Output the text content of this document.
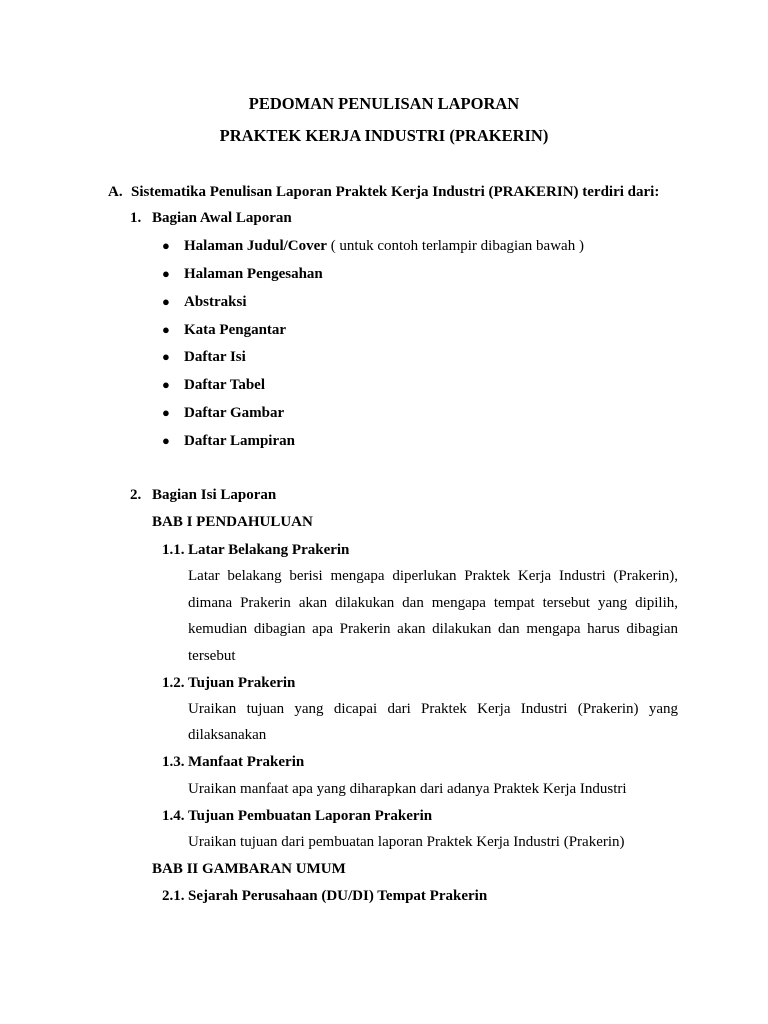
PEDOMAN PENULISAN LAPORAN
PRAKTEK KERJA INDUSTRI (PRAKERIN)
A. Sistematika Penulisan Laporan Praktek Kerja Industri (PRAKERIN) terdiri dari:
1. Bagian Awal Laporan
● Halaman Judul/Cover ( untuk contoh terlampir dibagian bawah )
● Halaman Pengesahan
● Abstraksi
● Kata Pengantar
● Daftar Isi
● Daftar Tabel
● Daftar Gambar
● Daftar Lampiran
2. Bagian Isi Laporan
BAB I PENDAHULUAN
1.1. Latar Belakang Prakerin
Latar belakang berisi mengapa diperlukan Praktek Kerja Industri (Prakerin),
dimana Prakerin akan dilakukan dan mengapa tempat tersebut yang dipilih,
kemudian dibagian apa Prakerin akan dilakukan dan mengapa harus dibagian
tersebut
1.2. Tujuan Prakerin
Uraikan tujuan yang dicapai dari Praktek Kerja Industri (Prakerin) yang
dilaksanakan
1.3. Manfaat Prakerin
Uraikan manfaat apa yang diharapkan dari adanya Praktek Kerja Industri
1.4. Tujuan Pembuatan Laporan Prakerin
Uraikan tujuan dari pembuatan laporan Praktek Kerja Industri (Prakerin)
BAB II GAMBARAN UMUM
2.1. Sejarah Perusahaan (DU/DI) Tempat Prakerin
